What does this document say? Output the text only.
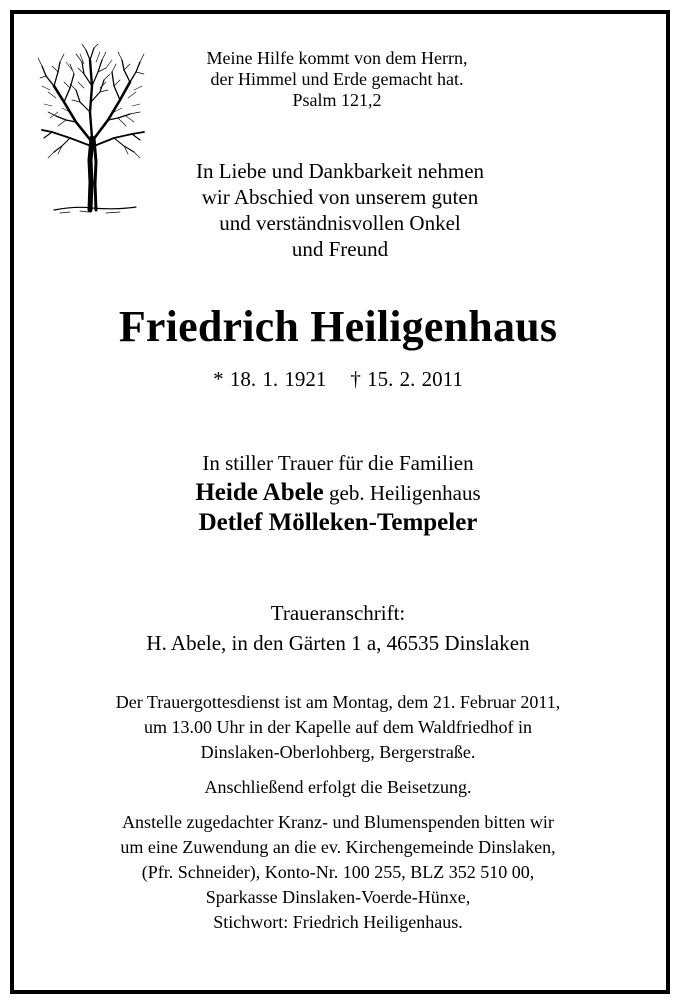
Meine Hilfe kommt von dem Herrn,
der Himmel und Erde gemacht hat.
Psalm 121,2
In Liebe und Dankbarkeit nehmen
wir Abschied von unserem guten
und verständnisvollen Onkel
und Freund
Friedrich Heiligenhaus
* 18. 1. 1921 † 15. 2. 2011
In stiller Trauer für die Familien
Heide Abele geb. Heiligenhaus
Detlef Mölleken-Tempeler
Traueranschrift:
H. Abele, in den Gärten 1 a, 46535 Dinslaken

Der Trauergottesdienst ist am Montag, dem 21. Februar 2011,

um 13.00 Uhr in der Kapelle auf dem Waldfriedhof in

Dinslaken-Oberlohberg, Bergerstraße.

Anschließend erfolgt die Beisetzung.

Anstelle zugedachter Kranz- und Blumenspenden bitten wir

um eine Zuwendung an die ev. Kirchengemeinde Dinslaken,

(Pfr. Schneider), Konto-Nr. 100 255, BLZ 352 510 00,

Sparkasse Dinslaken-Voerde-Hünxe,

Stichwort: Friedrich Heiligenhaus.
